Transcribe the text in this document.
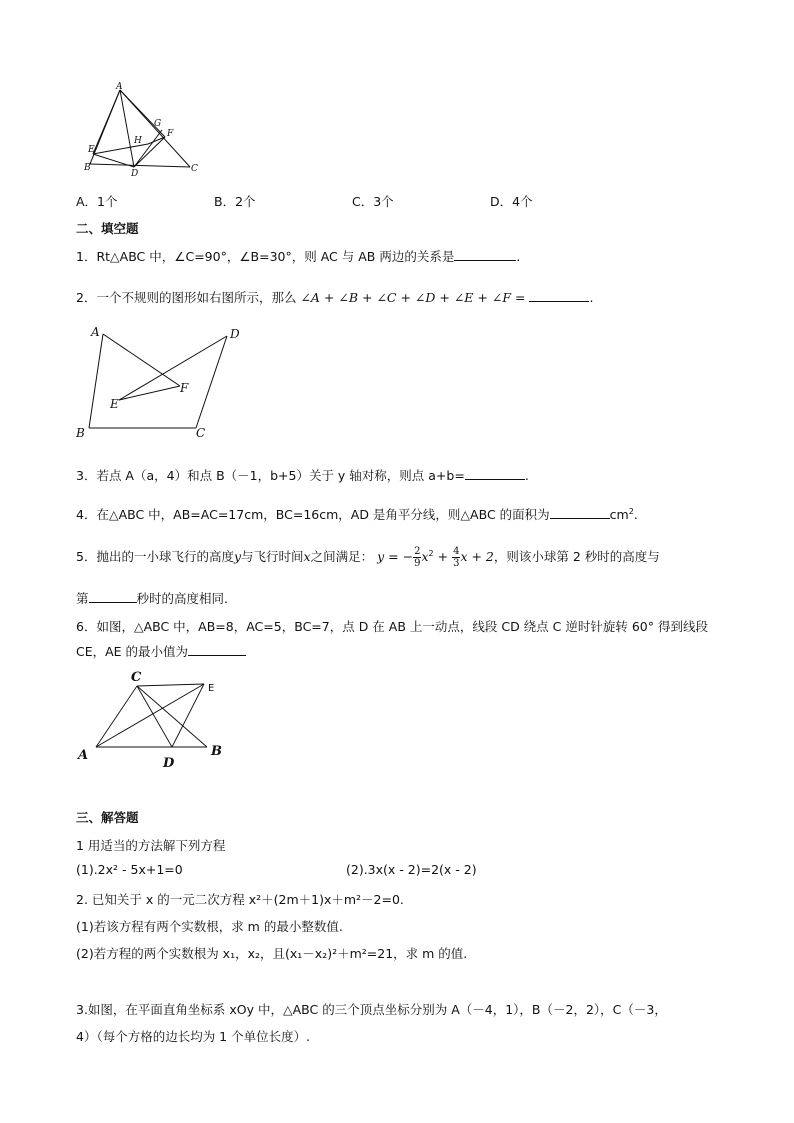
A
G
F
H
E
B
D	C
A．1个	B．2个	C．3个	D．4个
二、填空题
1．Rt△ABC 中，∠C=90°，∠B=30°，则 AC 与 AB 两边的关系是	.
2．一个不规则的图形如右图所示，那么 ∠A + ∠B + ∠C + ∠D + ∠E + ∠F =	.
A	D
F
E
B	C
3．若点 A（a，4）和点 B（－1，b+5）关于 y 轴对称，则点 a+b=	.
4．在△ABC 中，AB=AC=17cm，BC=16cm，AD 是角平分线，则△ABC 的面积为	$cm^2$.
5．抛出的一小球飞行的高度y与飞行时间x之间满足： y = − $\frac{2}{9} x^2 + \frac{4}{3}$ x + 2，则该小球第 2 秒时的高度与
第	秒时的高度相同.
6．如图，△ABC 中，AB=8，AC=5，BC=7，点 D 在 AB 上一动点，线段 CD 绕点 C 逆时针旋转 60° 得到线段
CE，AE 的最小值为
C
A	B
D
E
三、解答题
1 用适当的方法解下列方程
(1).2x² - 5x+1=0	(2).3x(x - 2)=2(x - 2)
2. 已知关于 x 的一元二次方程 x²＋(2m＋1)x＋m²－2=0.
(1)若该方程有两个实数根，求 m 的最小整数值.
(2)若方程的两个实数根为 x₁，x₂，且(x₁－x₂)²＋m²=21，求 m 的值.
3.如图，在平面直角坐标系 xOy 中，△ABC 的三个顶点坐标分别为 A（－4，1），B（－2，2），C（－3，
4）（每个方格的边长均为 1 个单位长度）.
